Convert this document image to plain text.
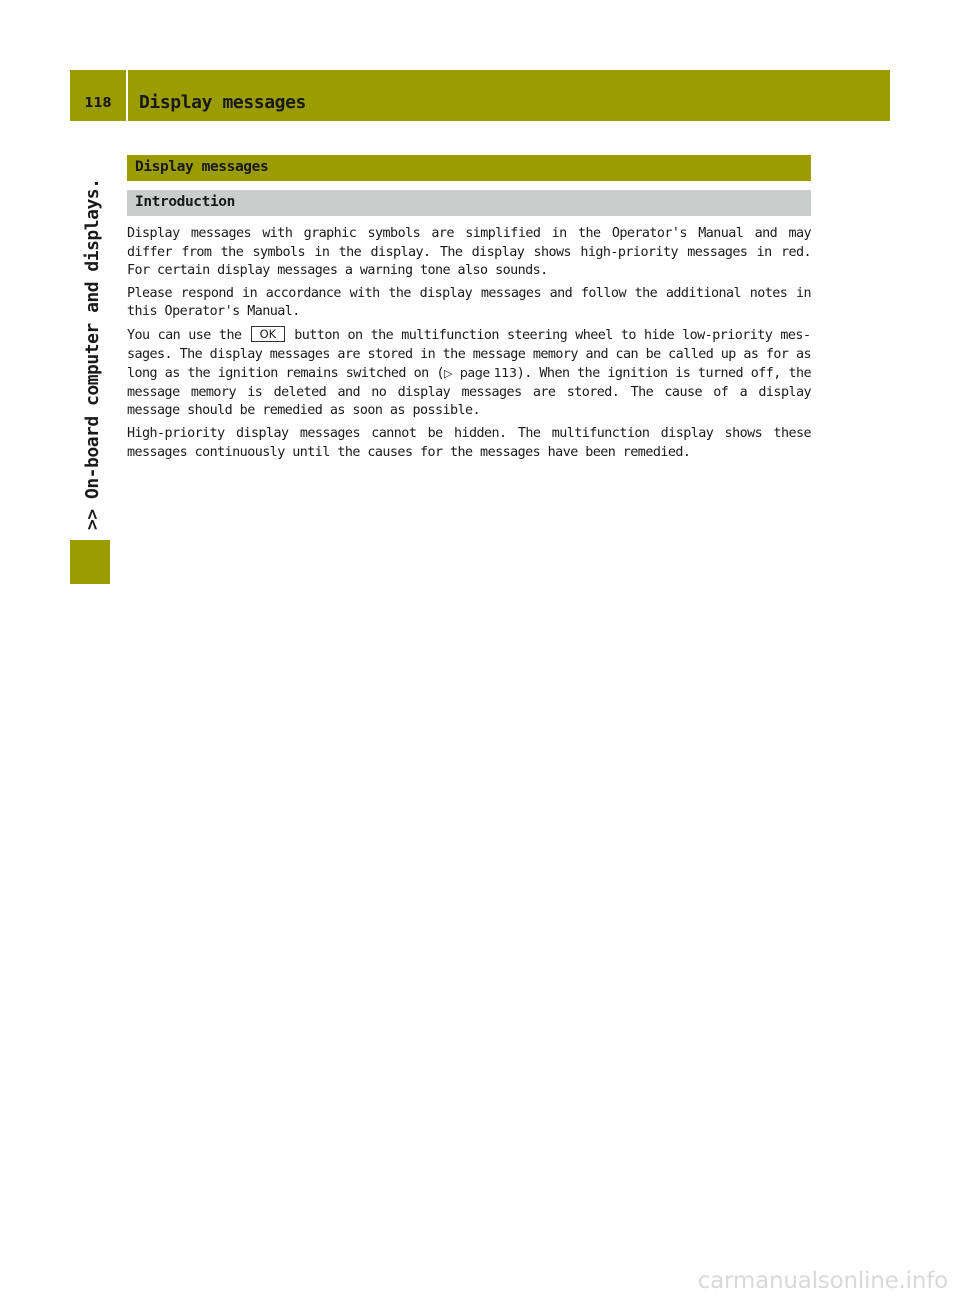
118	Display messages
>> On-board computer and displays.
Display messages
Introduction

Display messages with graphic symbols are simplified in the Operator's Manual and may differ from the symbols in the display. The display shows high-priority messages in red. For certain display messages a warning tone also sounds.

Please respond in accordance with the display messages and follow the additional notes in this Operator's Manual.

You can use the OK button on the multifunction steering wheel to hide low-priority messages. The display messages are stored in the message memory and can be called up as for as long as the ignition remains switched on (▷ page 113). When the ignition is turned off, the message memory is deleted and no display messages are stored. The cause of a display message should be remedied as soon as possible.

High-priority display messages cannot be hidden. The multifunction display shows these messages continuously until the causes for the messages have been remedied.

carmanualsonline.info
